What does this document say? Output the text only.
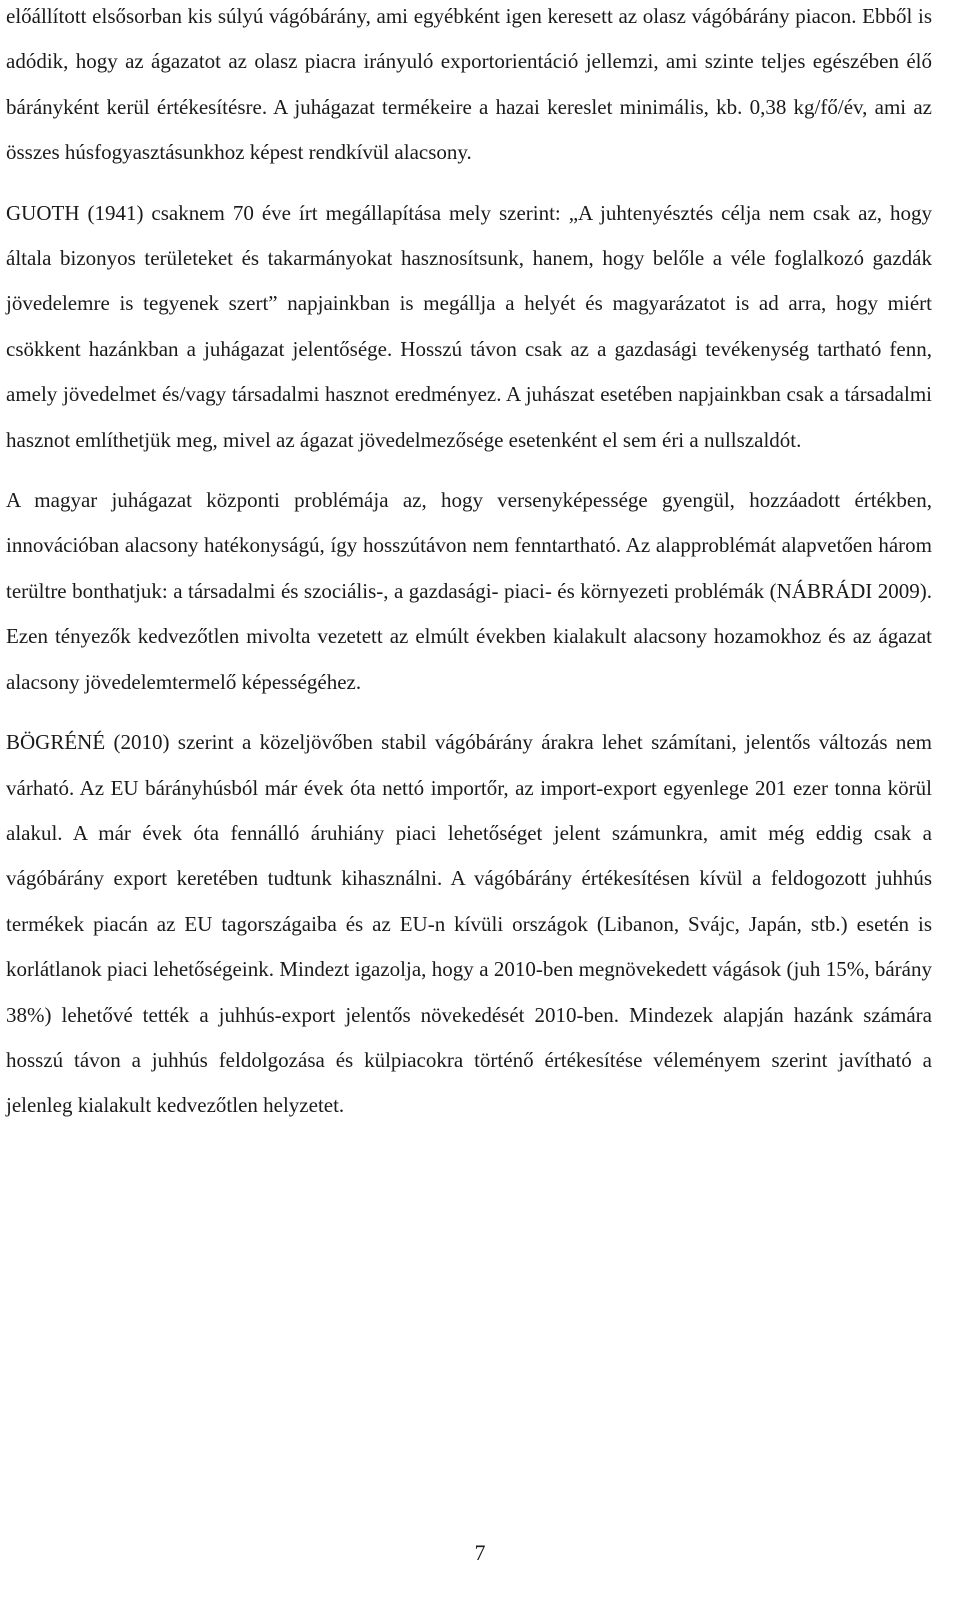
előállított elsősorban kis súlyú vágóbárány, ami egyébként igen keresett az olasz vágóbárány piacon. Ebből is adódik, hogy az ágazatot az olasz piacra irányuló exportorientáció jellemzi, ami szinte teljes egészében élő bárányként kerül értékesítésre. A juhágazat termékeire a hazai kereslet minimális, kb. 0,38 kg/fő/év, ami az összes húsfogyasztásunkhoz képest rendkívül alacsony.

GUOTH (1941) csaknem 70 éve írt megállapítása mely szerint: „A juhtenyésztés célja nem csak az, hogy általa bizonyos területeket és takarmányokat hasznosítsunk, hanem, hogy belőle a véle foglalkozó gazdák jövedelemre is tegyenek szert” napjainkban is megállja a helyét és magyarázatot is ad arra, hogy miért csökkent hazánkban a juhágazat jelentősége. Hosszú távon csak az a gazdasági tevékenység tartható fenn, amely jövedelmet és/vagy társadalmi hasznot eredményez. A juhászat esetében napjainkban csak a társadalmi hasznot említhetjük meg, mivel az ágazat jövedelmezősége esetenként el sem éri a nullszaldót.

A magyar juhágazat központi problémája az, hogy versenyképessége gyengül, hozzáadott értékben, innovációban alacsony hatékonyságú, így hosszútávon nem fenntartható. Az alapproblémát alapvetően három terültre bonthatjuk: a társadalmi és szociális-, a gazdasági- piaci- és környezeti problémák (NÁBRÁDI 2009). Ezen tényezők kedvezőtlen mivolta vezetett az elmúlt években kialakult alacsony hozamokhoz és az ágazat alacsony jövedelemtermelő képességéhez.

BÖGRÉNÉ (2010) szerint a közeljövőben stabil vágóbárány árakra lehet számítani, jelentős változás nem várható. Az EU bárányhúsból már évek óta nettó importőr, az import-export egyenlege 201 ezer tonna körül alakul. A már évek óta fennálló áruhiány piaci lehetőséget jelent számunkra, amit még eddig csak a vágóbárány export keretében tudtunk kihasználni. A vágóbárány értékesítésen kívül a feldogozott juhhús termékek piacán az EU tagországaiba és az EU-n kívüli országok (Libanon, Svájc, Japán, stb.) esetén is korlátlanok piaci lehetőségeink. Mindezt igazolja, hogy a 2010-ben megnövekedett vágások (juh 15%, bárány 38%) lehetővé tették a juhhús-export jelentős növekedését 2010-ben. Mindezek alapján hazánk számára hosszú távon a juhhús feldolgozása és külpiacokra történő értékesítése véleményem szerint javítható a jelenleg kialakult kedvezőtlen helyzetet.

7
